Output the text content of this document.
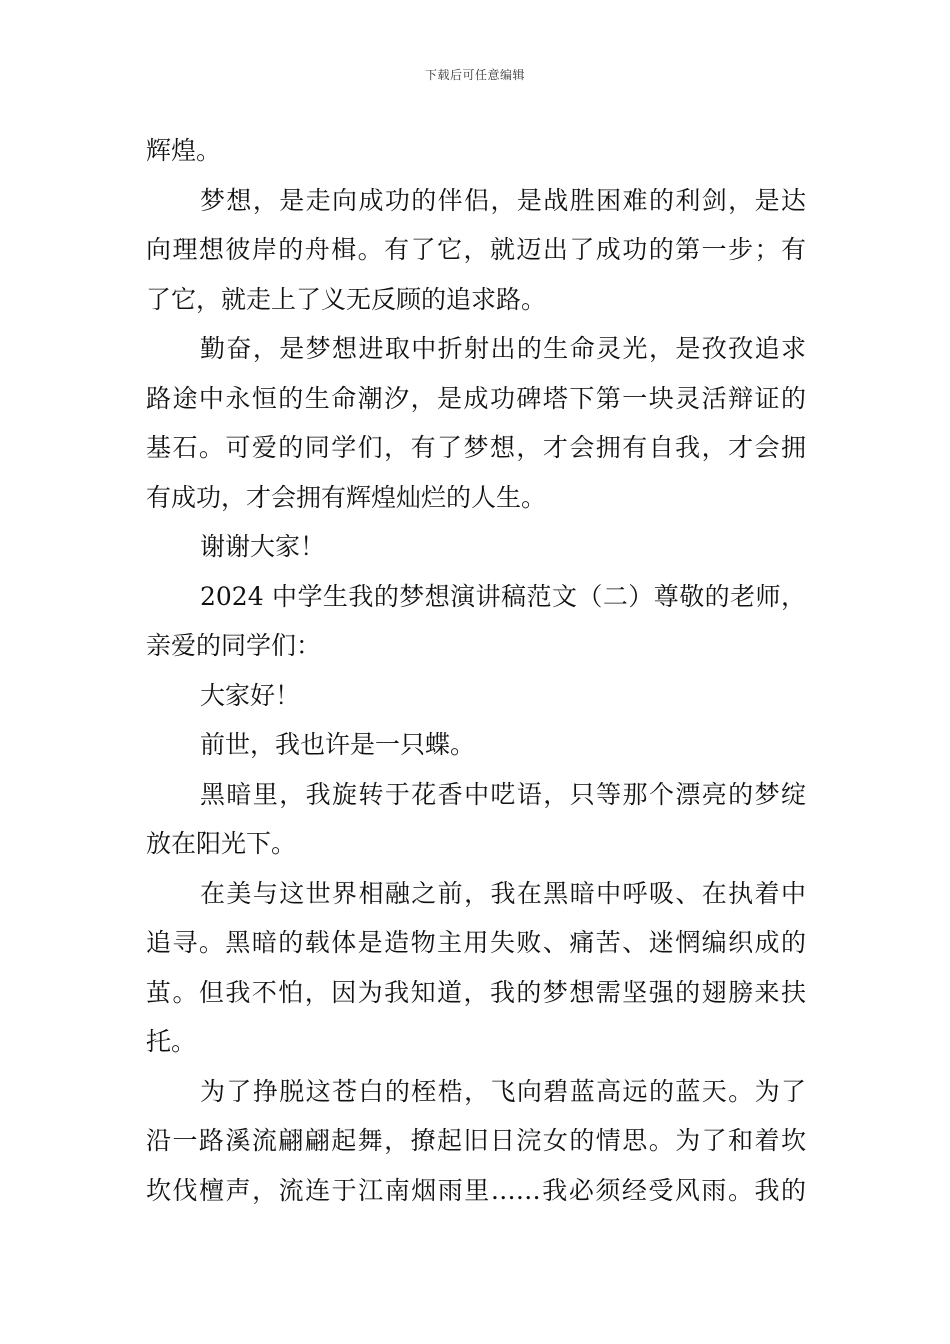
下载后可任意编辑
辉煌。
梦想，是走向成功的伴侣，是战胜困难的利剑，是达
向理想彼岸的舟楫。有了它，就迈出了成功的第一步；有
了它，就走上了义无反顾的追求路。
勤奋，是梦想进取中折射出的生命灵光，是孜孜追求
路途中永恒的生命潮汐，是成功碑塔下第一块灵活辩证的
基石。可爱的同学们，有了梦想，才会拥有自我，才会拥
有成功，才会拥有辉煌灿烂的人生。
谢谢大家！
2024 中学生我的梦想演讲稿范文（二）尊敬的老师，
亲爱的同学们：
大家好！
前世，我也许是一只蝶。
黑暗里，我旋转于花香中呓语，只等那个漂亮的梦绽
放在阳光下。
在美与这世界相融之前，我在黑暗中呼吸、在执着中
追寻。黑暗的载体是造物主用失败、痛苦、迷惘编织成的
茧。但我不怕，因为我知道，我的梦想需坚强的翅膀来扶
托。
为了挣脱这苍白的桎梏，飞向碧蓝高远的蓝天。为了
沿一路溪流翩翩起舞，撩起旧日浣女的情思。为了和着坎
坎伐檀声，流连于江南烟雨里……我必须经受风雨。我的
